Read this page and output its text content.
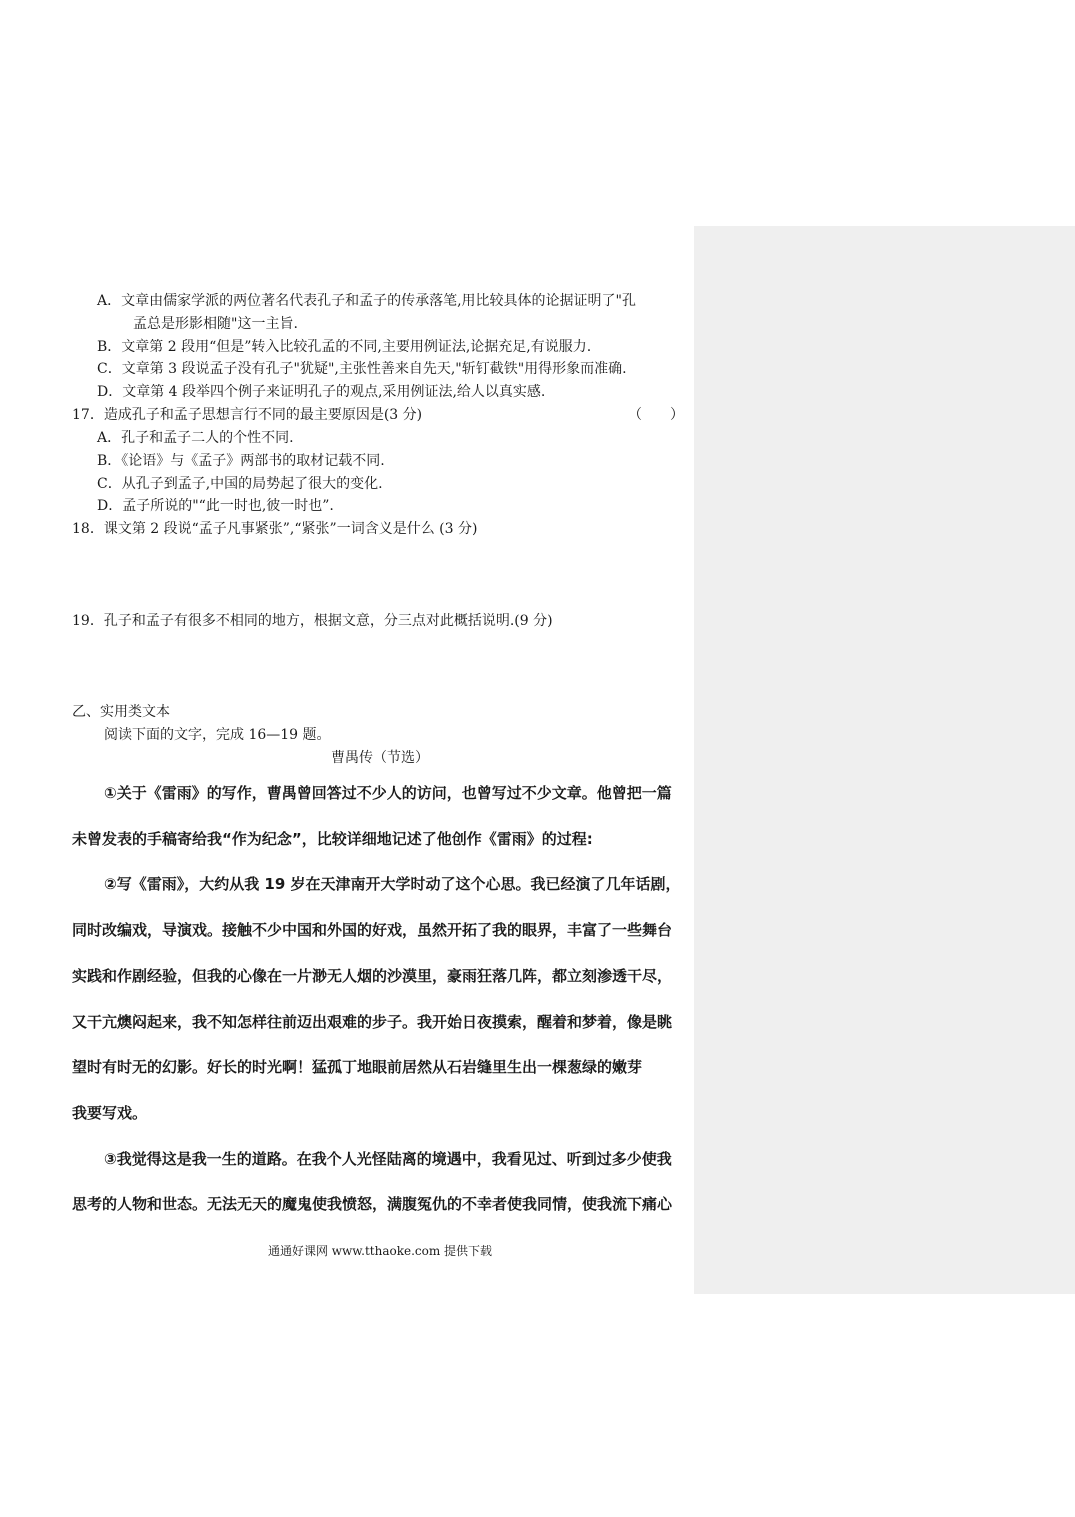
A．文章由儒家学派的两位著名代表孔子和孟子的传承落笔,用比较具体的论据证明了"孔
孟总是形影相随"这一主旨.
B．文章第 2 段用“但是”转入比较孔孟的不同,主要用例证法,论据充足,有说服力.
C．文章第 3 段说孟子没有孔子"犹疑",主张性善来自先天,"斩钉截铁"用得形象而准确.
D．文章第 4 段举四个例子来证明孔子的观点,采用例证法,给人以真实感.
17．造成孔子和孟子思想言行不同的最主要原因是(3 分)	（　　）
A．孔子和孟子二人的个性不同.
B．《论语》与《孟子》两部书的取材记载不同.
C．从孔子到孟子,中国的局势起了很大的变化.
D．孟子所说的"“此一时也,彼一时也”.
18．课文第 2 段说“孟子凡事紧张”,“紧张”一词含义是什么 (3 分)
19．孔子和孟子有很多不相同的地方，根据文意，分三点对此概括说明.(9 分)
乙、实用类文本
阅读下面的文字，完成 16—19 题。
曹禺传（节选）
①关于《雷雨》的写作，曹禺曾回答过不少人的访问，也曾写过不少文章。他曾把一篇
未曾发表的手稿寄给我“作为纪念”，比较详细地记述了他创作《雷雨》的过程:
②写《雷雨》，大约从我 19 岁在天津南开大学时动了这个心思。我已经演了几年话剧，
同时改编戏，导演戏。接触不少中国和外国的好戏，虽然开拓了我的眼界，丰富了一些舞台
实践和作剧经验，但我的心像在一片渺无人烟的沙漠里，豪雨狂落几阵，都立刻渗透干尽，
又干亢燠闷起来，我不知怎样往前迈出艰难的步子。我开始日夜摸索，醒着和梦着，像是眺
望时有时无的幻影。好长的时光啊！猛孤丁地眼前居然从石岩缝里生出一棵葱绿的嫩芽
我要写戏。
③我觉得这是我一生的道路。在我个人光怪陆离的境遇中，我看见过、听到过多少使我
思考的人物和世态。无法无天的魔鬼使我愤怒，满腹冤仇的不幸者使我同情，使我流下痛心
通通好课网 www.tthaoke.com 提供下载
